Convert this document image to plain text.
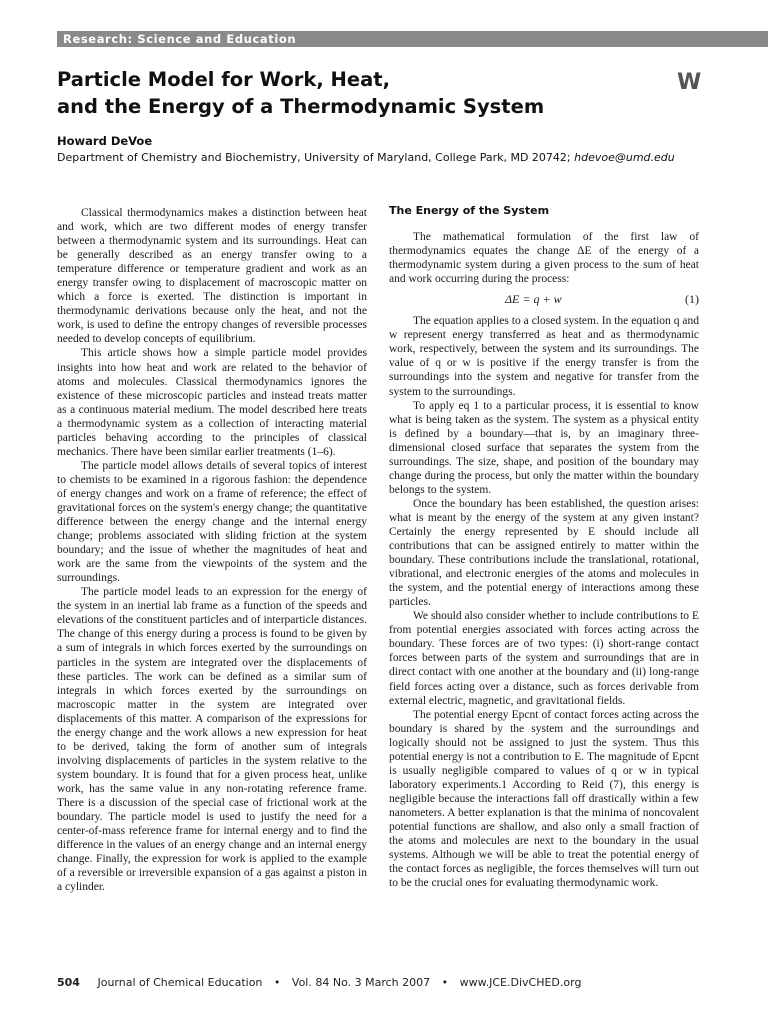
Research: Science and Education
Particle Model for Work, Heat,
and the Energy of a Thermodynamic System
W
Howard DeVoe
Department of Chemistry and Biochemistry, University of Maryland, College Park, MD 20742; hdevoe@umd.edu

Classical thermodynamics makes a distinction between heat and work, which are two different modes of energy transfer between a thermodynamic system and its surroundings. Heat can be generally described as an energy transfer owing to a temperature difference or temperature gradient and work as an energy transfer owing to displacement of macroscopic matter on which a force is exerted. The distinction is important in thermodynamic derivations because only the heat, and not the work, is used to define the entropy changes of reversible processes needed to develop concepts of equilibrium.

This article shows how a simple particle model provides insights into how heat and work are related to the behavior of atoms and molecules. Classical thermodynamics ignores the existence of these microscopic particles and instead treats matter as a continuous material medium. The model described here treats a thermodynamic system as a collection of interacting material particles behaving according to the principles of classical mechanics. There have been similar earlier treatments (1–6).

The particle model allows details of several topics of interest to chemists to be examined in a rigorous fashion: the dependence of energy changes and work on a frame of reference; the effect of gravitational forces on the system's energy change; the quantitative difference between the energy change and the internal energy change; problems associated with sliding friction at the system boundary; and the issue of whether the magnitudes of heat and work are the same from the viewpoints of the system and the surroundings.

The particle model leads to an expression for the energy of the system in an inertial lab frame as a function of the speeds and elevations of the constituent particles and of interparticle distances. The change of this energy during a process is found to be given by a sum of integrals in which forces exerted by the surroundings on particles in the system are integrated over the displacements of these particles. The work can be defined as a similar sum of integrals in which forces exerted by the surroundings on macroscopic matter in the system are integrated over displacements of this matter. A comparison of the expressions for the energy change and the work allows a new expression for heat to be derived, taking the form of another sum of integrals involving displacements of particles in the system relative to the system boundary. It is found that for a given process heat, unlike work, has the same value in any non-rotating reference frame. There is a discussion of the special case of frictional work at the boundary. The particle model is used to justify the need for a center-of-mass reference frame for internal energy and to find the difference in the values of an energy change and an internal energy change. Finally, the expression for work is applied to the example of a reversible or irreversible expansion of a gas against a piston in a cylinder.

The Energy of the System

The mathematical formulation of the first law of thermodynamics equates the change ΔE of the energy of a thermodynamic system during a given process to the sum of heat and work occurring during the process:

ΔE = q + w	(1)

The equation applies to a closed system. In the equation q and w represent energy transferred as heat and as thermodynamic work, respectively, between the system and its surroundings. The value of q or w is positive if the energy transfer is from the surroundings into the system and negative for transfer from the system to the surroundings.

To apply eq 1 to a particular process, it is essential to know what is being taken as the system. The system as a physical entity is defined by a boundary—that is, by an imaginary three-dimensional closed surface that separates the system from the surroundings. The size, shape, and position of the boundary may change during the process, but only the matter within the boundary belongs to the system.

Once the boundary has been established, the question arises: what is meant by the energy of the system at any given instant? Certainly the energy represented by E should include all contributions that can be assigned entirely to matter within the boundary. These contributions include the translational, rotational, vibrational, and electronic energies of the atoms and molecules in the system, and the potential energy of interactions among these particles.

We should also consider whether to include contributions to E from potential energies associated with forces acting across the boundary. These forces are of two types: (i) short-range contact forces between parts of the system and surroundings that are in direct contact with one another at the boundary and (ii) long-range field forces acting over a distance, such as forces derivable from external electric, magnetic, and gravitational fields.

The potential energy Epcnt of contact forces acting across the boundary is shared by the system and the surroundings and logically should not be assigned to just the system. Thus this potential energy is not a contribution to E. The magnitude of Epcnt is usually negligible compared to values of q or w in typical laboratory experiments.1 According to Reid (7), this energy is negligible because the interactions fall off drastically within a few nanometers. A better explanation is that the minima of noncovalent potential functions are shallow, and also only a small fraction of the atoms and molecules are next to the boundary in the usual systems. Although we will be able to treat the potential energy of the contact forces as negligible, the forces themselves will turn out to be the crucial ones for evaluating thermodynamic work.

504 Journal of Chemical Education • Vol. 84 No. 3 March 2007 • www.JCE.DivCHED.org
